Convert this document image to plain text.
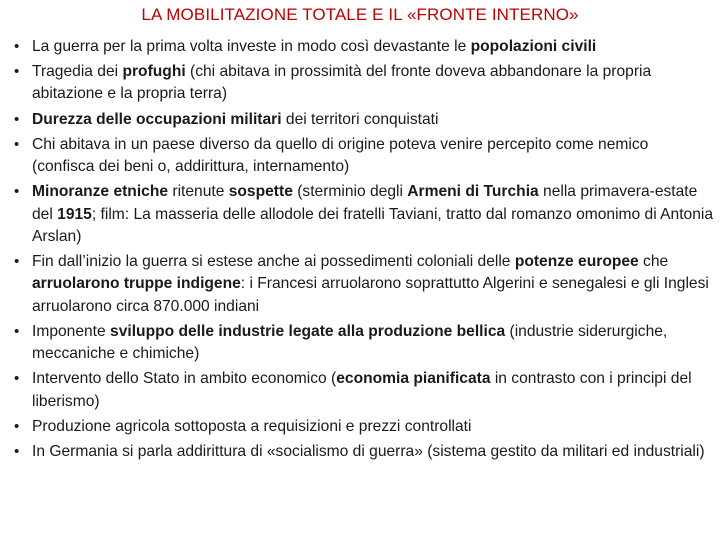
LA MOBILITAZIONE TOTALE E IL «FRONTE INTERNO»
• La guerra per la prima volta investe in modo così devastante le popolazioni civili
• Tragedia dei profughi (chi abitava in prossimità del fronte doveva abbandonare la propria abitazione e la propria terra)
• Durezza delle occupazioni militari dei territori conquistati
• Chi abitava in un paese diverso da quello di origine poteva venire percepito come nemico (confisca dei beni o, addirittura, internamento)
• Minoranze etniche ritenute sospette (sterminio degli Armeni di Turchia nella primavera-estate del 1915; film: La masseria delle allodole dei fratelli Taviani, tratto dal romanzo omonimo di Antonia Arslan)
• Fin dall’inizio la guerra si estese anche ai possedimenti coloniali delle potenze europee che arruolarono truppe indigene: i Francesi arruolarono soprattutto Algerini e senegalesi e gli Inglesi arruolarono circa 870.000 indiani
• Imponente sviluppo delle industrie legate alla produzione bellica (industrie siderurgiche, meccaniche e chimiche)
• Intervento dello Stato in ambito economico (economia pianificata in contrasto con i principi del liberismo)
• Produzione agricola sottoposta a requisizioni e prezzi controllati
• In Germania si parla addirittura di «socialismo di guerra» (sistema gestito da militari ed industriali)
